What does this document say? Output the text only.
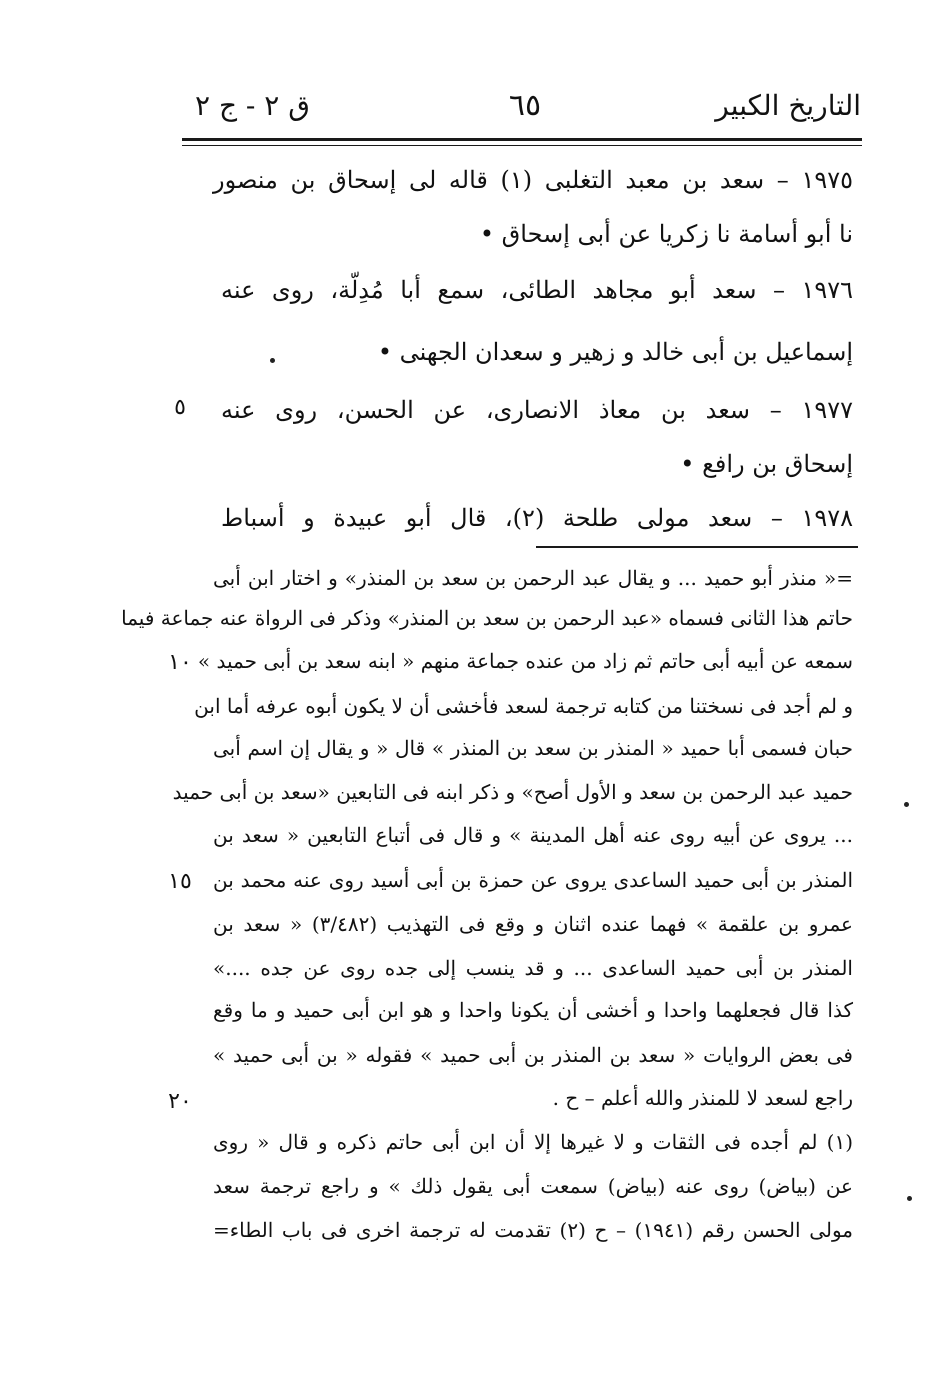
التاريخ الكبير
٦٥
ق ٢ - ج ٢
١٩٧٥ – سعد بن معبد التغلبى (١) قاله لى إسحاق بن منصور
نا أبو أسامة نا زكريا عن أبى إسحاق •
١٩٧٦ – سعد أبو مجاهد الطائى، سمع أبا مُدِلّة، روى عنه
إسماعيل بن أبى خالد و زهير و سعدان الجهنى •
١٩٧٧ – سعد بن معاذ الانصارى، عن الحسن، روى عنه
إسحاق بن رافع •
١٩٧٨ – سعد مولى طلحة (٢)، قال أبو عبيدة و أسباط
=« منذر أبو حميد ... و يقال عبد الرحمن بن سعد بن المنذر» و اختار ابن أبى
حاتم هذا الثانى فسماه «عبد الرحمن بن سعد بن المنذر» وذكر فى الرواة عنه جماعة فيما
سمعه عن أبيه أبى حاتم ثم زاد من عنده جماعة منهم « ابنه سعد بن أبى حميد »
و لم أجد فى نسختنا من كتابه ترجمة لسعد فأخشى أن لا يكون أبوه عرفه أما ابن
حبان فسمى أبا حميد « المنذر بن سعد بن المنذر » قال « و يقال إن اسم أبى
حميد عبد الرحمن بن سعد و الأول أصح» و ذكر ابنه فى التابعين «سعد بن أبى حميد
... يروى عن أبيه روى عنه أهل المدينة » و قال فى أتباع التابعين « سعد بن
المنذر بن أبى حميد الساعدى يروى عن حمزة بن أبى أسيد روى عنه محمد بن
عمرو بن علقمة » فهما عنده اثنان و وقع فى التهذيب (٣/٤٨٢) « سعد بن
المنذر بن أبى حميد الساعدى ... و قد ينسب إلى جده روى عن جده ....»
كذا قال فجعلهما واحدا و أخشى أن يكونا واحدا و هو ابن أبى حميد و ما وقع
فى بعض الروايات « سعد بن المنذر بن أبى حميد » فقوله « بن أبى حميد »
راجع لسعد لا للمنذر والله أعلم – ح .
(١) لم أجده فى الثقات و لا غيرها إلا أن ابن أبى حاتم ذكره و قال « روى
عن (بياض) روى عنه (بياض) سمعت أبى يقول ذلك » و راجع ترجمة سعد
مولى الحسن رقم (١٩٤١) – ح (٢) تقدمت له ترجمة اخرى فى باب الطاء=
٥
١٠
١٥
٢٠
